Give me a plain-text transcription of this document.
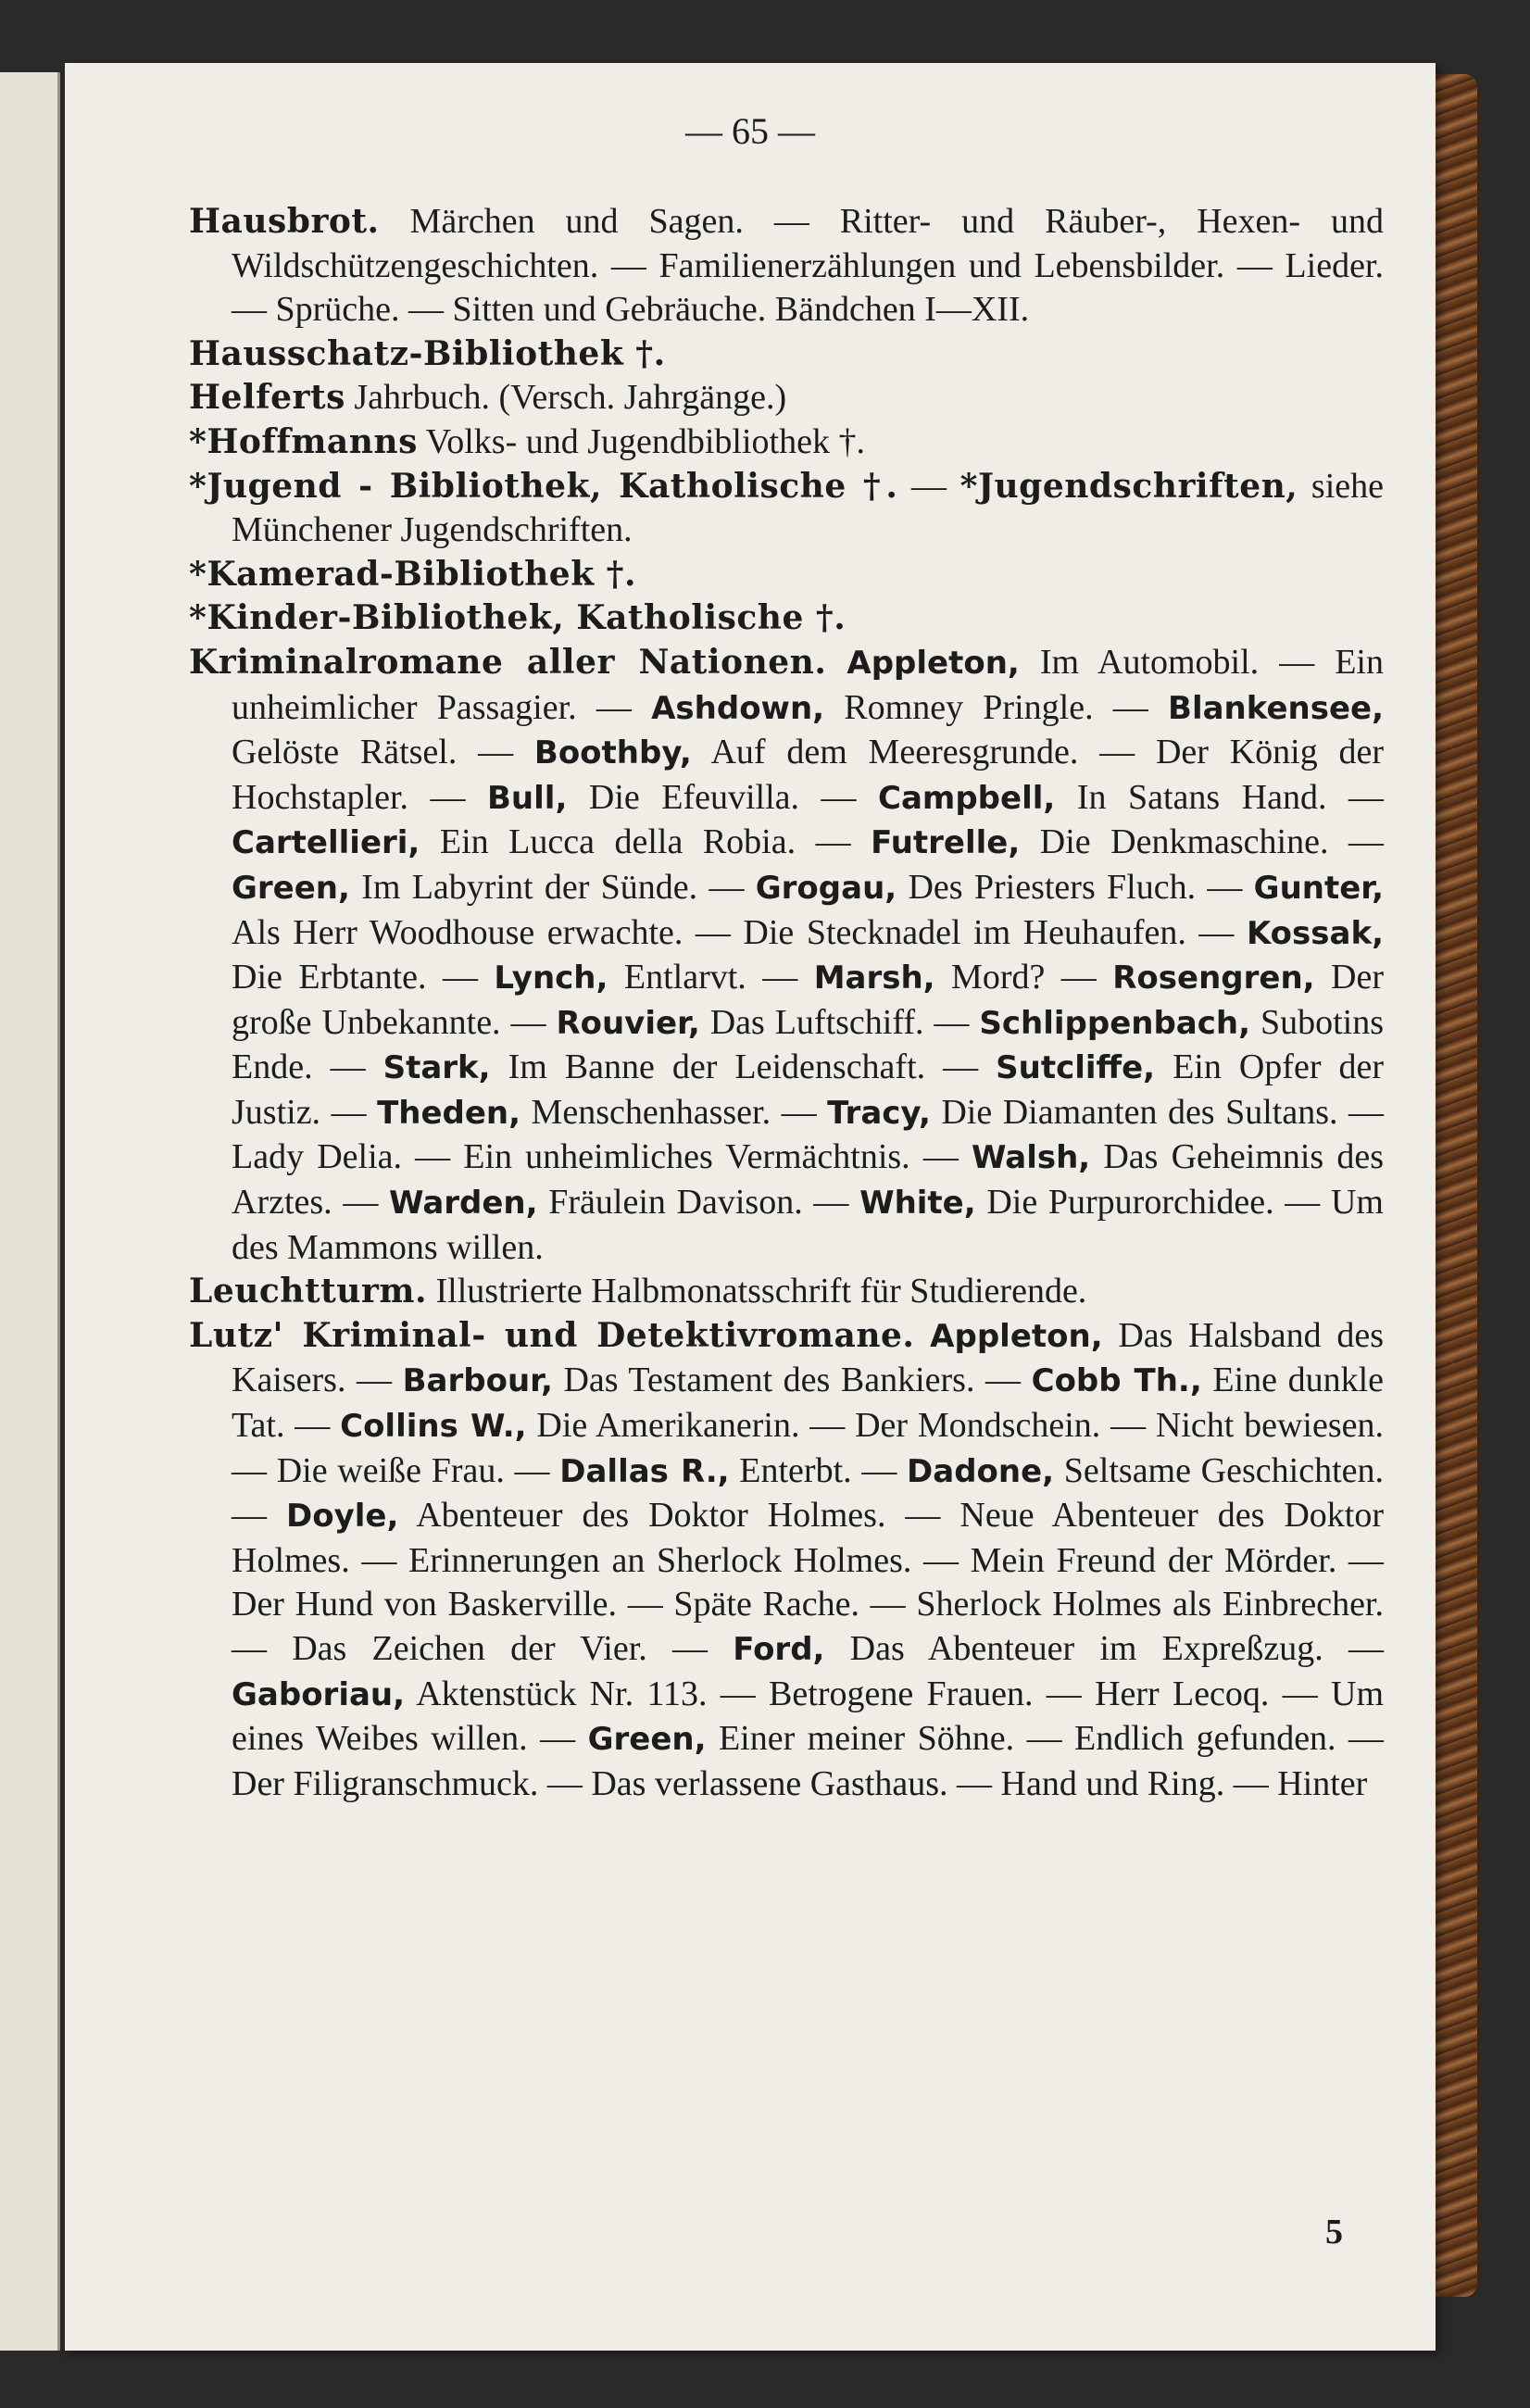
— 65 —

Hausbrot. Märchen und Sagen. — Ritter- und Räuber-, Hexen- und Wildschützengeschichten. — Familienerzählungen und Lebensbilder. — Lieder. — Sprüche. — Sitten und Gebräuche. Bändchen I—XII.

Hausschatz-Bibliothek †.

Helferts Jahrbuch. (Versch. Jahrgänge.)

*Hoffmanns Volks- und Jugendbibliothek †.

*Jugend - Bibliothek, Katholische †. — *Jugendschriften, siehe Münchener Jugendschriften.

*Kamerad-Bibliothek †.

*Kinder-Bibliothek, Katholische †.

Kriminalromane aller Nationen. Appleton, Im Automobil. — Ein unheimlicher Passagier. — Ashdown, Romney Pringle. — Blankensee, Gelöste Rätsel. — Boothby, Auf dem Meeresgrunde. — Der König der Hochstapler. — Bull, Die Efeuvilla. — Campbell, In Satans Hand. — Cartellieri, Ein Lucca della Robia. — Futrelle, Die Denkmaschine. — Green, Im Labyrint der Sünde. — Grogau, Des Priesters Fluch. — Gunter, Als Herr Woodhouse erwachte. — Die Stecknadel im Heuhaufen. — Kossak, Die Erbtante. — Lynch, Entlarvt. — Marsh, Mord? — Rosengren, Der große Unbekannte. — Rouvier, Das Luftschiff. — Schlippenbach, Subotins Ende. — Stark, Im Banne der Leidenschaft. — Sutcliffe, Ein Opfer der Justiz. — Theden, Menschenhasser. — Tracy, Die Diamanten des Sultans. — Lady Delia. — Ein unheimliches Vermächtnis. — Walsh, Das Geheimnis des Arztes. — Warden, Fräulein Davison. — White, Die Purpurorchidee. — Um des Mammons willen.

Leuchtturm. Illustrierte Halbmonatsschrift für Studierende.

Lutz' Kriminal- und Detektivromane. Appleton, Das Halsband des Kaisers. — Barbour, Das Testament des Bankiers. — Cobb Th., Eine dunkle Tat. — Collins W., Die Amerikanerin. — Der Mondschein. — Nicht bewiesen. — Die weiße Frau. — Dallas R., Enterbt. — Dadone, Seltsame Geschichten. — Doyle, Abenteuer des Doktor Holmes. — Neue Abenteuer des Doktor Holmes. — Erinnerungen an Sherlock Holmes. — Mein Freund der Mörder. — Der Hund von Baskerville. — Späte Rache. — Sherlock Holmes als Einbrecher. — Das Zeichen der Vier. — Ford, Das Abenteuer im Expreßzug. — Gaboriau, Aktenstück Nr. 113. — Betrogene Frauen. — Herr Lecoq. — Um eines Weibes willen. — Green, Einer meiner Söhne. — Endlich gefunden. — Der Filigranschmuck. — Das verlassene Gasthaus. — Hand und Ring. — Hinter

5
